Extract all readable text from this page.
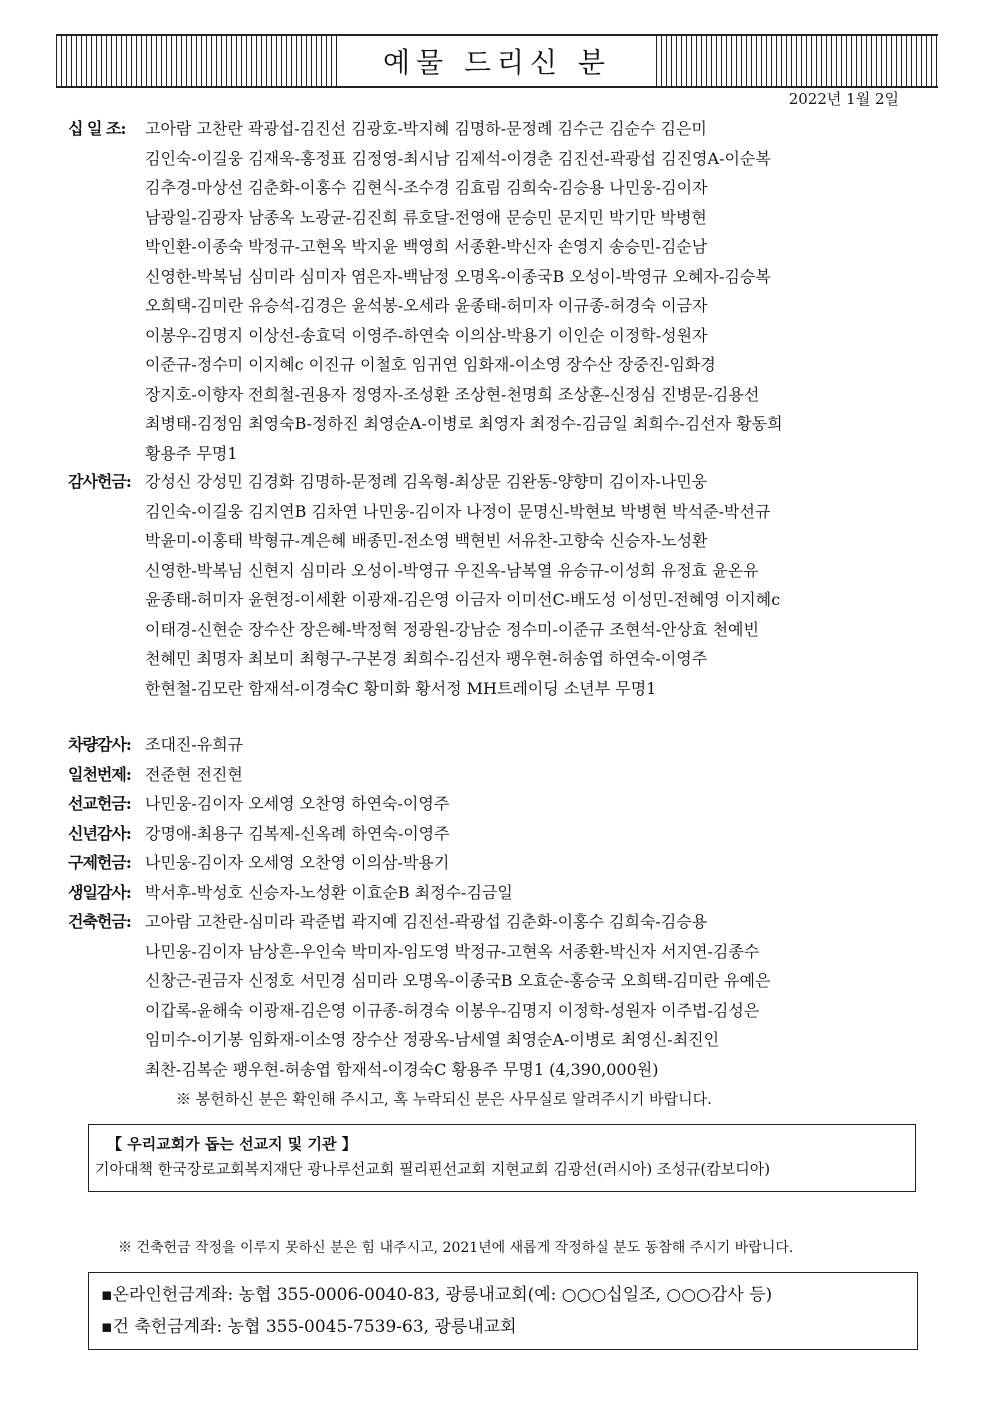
예물 드리신 분
2022년 1월 2일
십 일 조:	고아람 고찬란 곽광섭-김진선 김광호-박지혜 김명하-문정례 김수근 김순수 김은미
김인숙-이길웅 김재욱-홍정표 김정영-최시남 김제석-이경춘 김진선-곽광섭 김진영A-이순복
김추경-마상선 김춘화-이홍수 김현식-조수경 김효림 김희숙-김승용 나민웅-김이자
남광일-김광자 남종옥 노광균-김진희 류호달-전영애 문승민 문지민 박기만 박병현
박인환-이종숙 박정규-고현옥 박지윤 백영희 서종환-박신자 손영지 송승민-김순남
신영한-박복님 심미라 심미자 염은자-백남정 오명옥-이종국B 오성이-박영규 오혜자-김승복
오희택-김미란 유승석-김경은 윤석봉-오세라 윤종태-허미자 이규종-허경숙 이금자
이봉우-김명지 이상선-송효덕 이영주-하연숙 이의삼-박용기 이인순 이정학-성원자
이준규-정수미 이지혜c 이진규 이철호 임귀연 임화재-이소영 장수산 장중진-임화경
장지호-이향자 전희철-권용자 정영자-조성환 조상현-천명희 조상훈-신정심 진병문-김용선
최병태-김정임 최영숙B-정하진 최영순A-이병로 최영자 최정수-김금일 최희수-김선자 황동희
황용주 무명1
감사헌금: 강성신 강성민 김경화 김명하-문정례 김옥형-최상문 김완동-양향미 김이자-나민웅
김인숙-이길웅 김지연B 김차연 나민웅-김이자 나정이 문명신-박현보 박병현 박석준-박선규
박윤미-이홍태 박형규-계은혜 배종민-전소영 백현빈 서유찬-고향숙 신승자-노성환
신영한-박복님 신현지 심미라 오성이-박영규 우진옥-남복열 유승규-이성희 유정효 윤온유
윤종태-허미자 윤현정-이세환 이광재-김은영 이금자 이미선C-배도성 이성민-전혜영 이지혜c
이태경-신현순 장수산 장은혜-박정혁 정광원-강남순 정수미-이준규 조현석-안상효 천예빈
천혜민 최명자 최보미 최형구-구본경 최희수-김선자 팽우현-허송엽 하연숙-이영주
한현철-김모란 함재석-이경숙C 황미화 황서정 MH트레이딩 소년부 무명1
차량감사: 조대진-유희규
일천번제: 전준현 전진현
선교헌금: 나민웅-김이자 오세영 오찬영 하연숙-이영주
신년감사: 강명애-최용구 김복제-신옥례 하연숙-이영주
구제헌금: 나민웅-김이자 오세영 오찬영 이의삼-박용기
생일감사: 박서후-박성호 신승자-노성환 이효순B 최정수-김금일
건축헌금: 고아람 고찬란-심미라 곽준법 곽지예 김진선-곽광섭 김춘화-이홍수 김희숙-김승용
나민웅-김이자 남상흔-우인숙 박미자-임도영 박정규-고현옥 서종환-박신자 서지연-김종수
신창근-권금자 신정호 서민경 심미라 오명옥-이종국B 오효순-홍승국 오희택-김미란 유예은
이갑록-윤해숙 이광재-김은영 이규종-허경숙 이봉우-김명지 이정학-성원자 이주법-김성은
임미수-이기봉 임화재-이소영 장수산 정광옥-남세열 최영순A-이병로 최영신-최진인
최찬-김복순 팽우현-허송엽 함재석-이경숙C 황용주 무명1 (4,390,000원)
※ 봉헌하신 분은 확인해 주시고, 혹 누락되신 분은 사무실로 알려주시기 바랍니다.
【 우리교회가 돕는 선교지 및 기관 】
기아대책 한국장로교회복지재단 광나루선교회 필리핀선교회 지현교회 김광선(러시아) 조성규(캄보디아)
※ 건축헌금 작정을 이루지 못하신 분은 힘 내주시고, 2021년에 새롭게 작정하실 분도 동참해 주시기 바랍니다.
▪온라인헌금계좌: 농협 355-0006-0040-83, 광릉내교회(예: ○○○십일조, ○○○감사 등)
▪건 축헌금계좌: 농협 355-0045-7539-63, 광릉내교회
